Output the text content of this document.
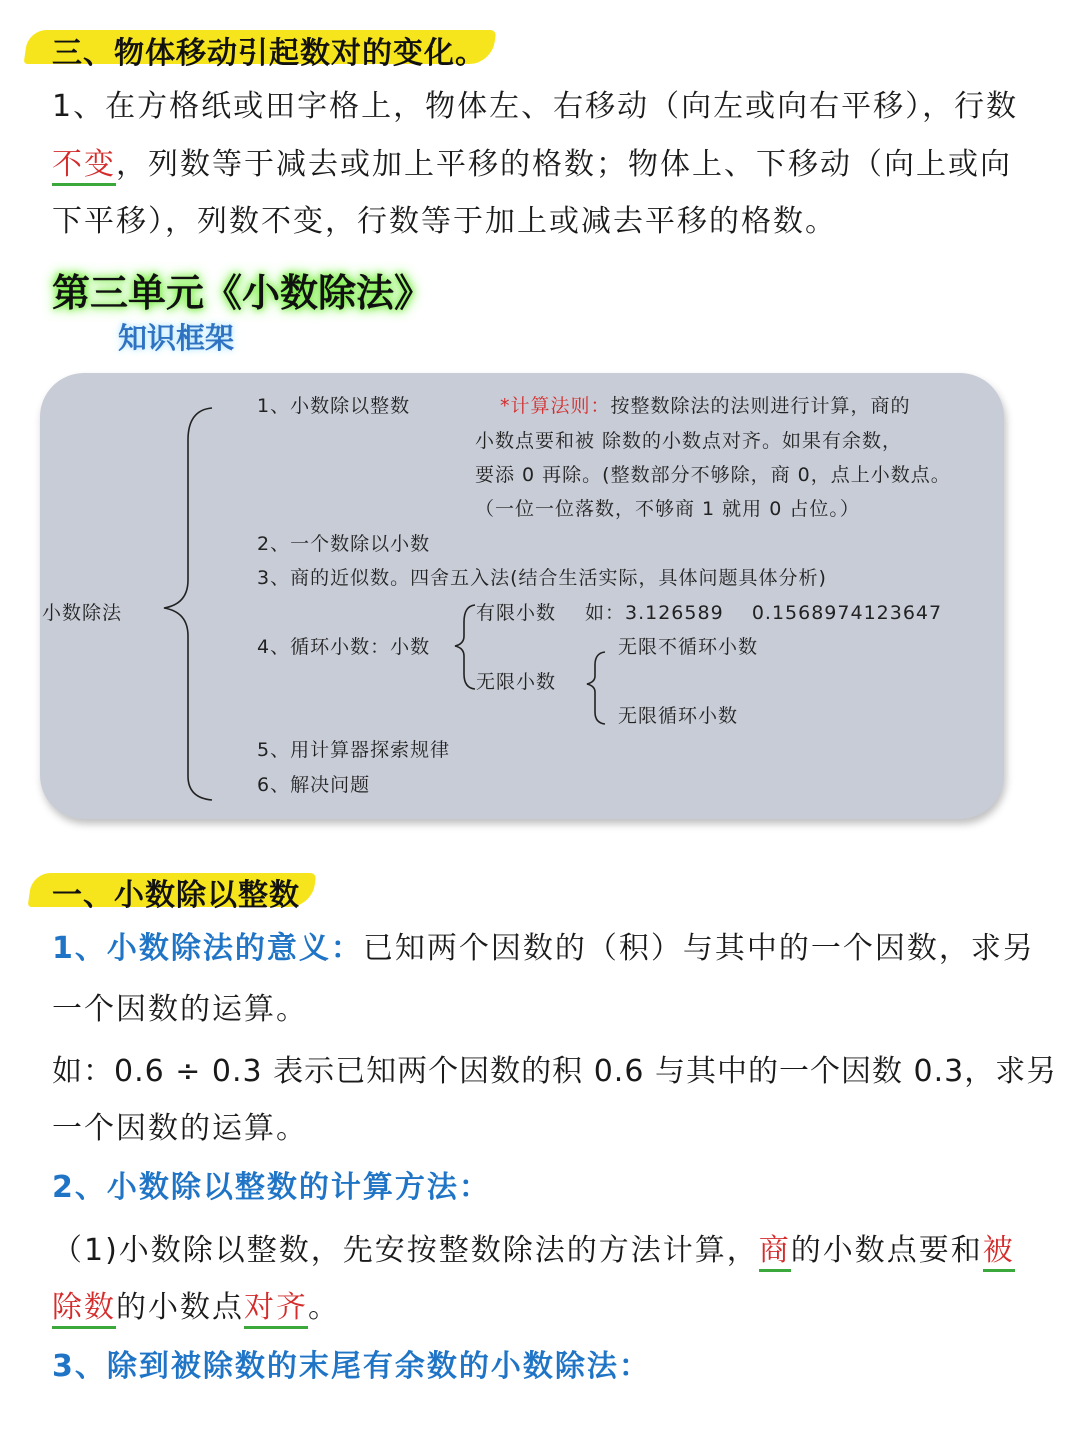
三、物体移动引起数对的变化。
1、在方格纸或田字格上，物体左、右移动（向左或向右平移），行数
不变，列数等于减去或加上平移的格数；物体上、下移动（向上或向
下平移），列数不变，行数等于加上或减去平移的格数。
第三单元《小数除法》
知识框架
小数除法
1、小数除以整数	*计算法则：按整数除法的法则进行计算，商的
小数点要和被 除数的小数点对齐。如果有余数，
要添 0 再除。(整数部分不够除，商 0，点上小数点。
（一位一位落数，不够商 1 就用 0 占位。）
2、一个数除以小数
3、商的近似数。四舍五入法(结合生活实际，具体问题具体分析)
有限小数 如：3.126589    0.1568974123647
4、循环小数：小数	无限不循环小数
无限小数
无限循环小数
5、用计算器探索规律
6、解决问题
一、小数除以整数
1、小数除法的意义：已知两个因数的（积）与其中的一个因数，求另
一个因数的运算。
如：0.6 ÷ 0.3 表示已知两个因数的积 0.6 与其中的一个因数 0.3，求另
一个因数的运算。
2、小数除以整数的计算方法：
（1)小数除以整数，先安按整数除法的方法计算，商的小数点要和被
除数的小数点对齐。
3、除到被除数的末尾有余数的小数除法：
